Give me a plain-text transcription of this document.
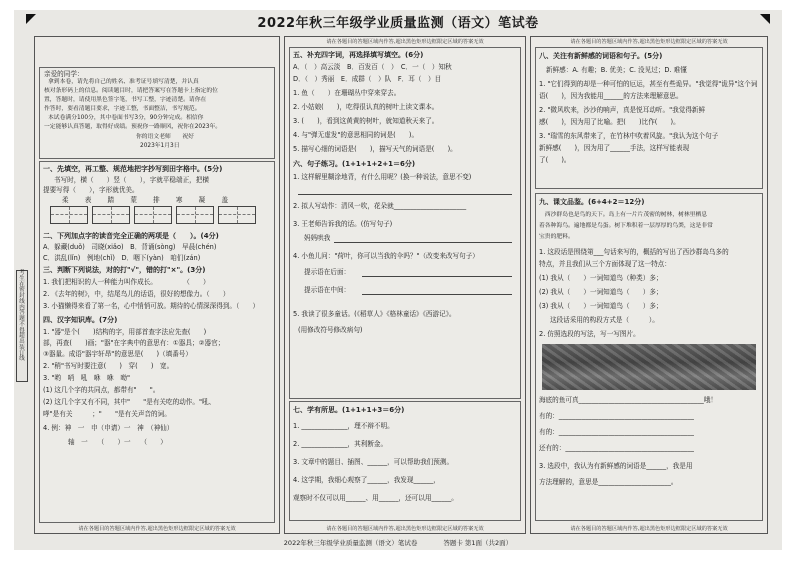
2022年秋三年级学业质量监测（语文）笔试卷
考生在密封线内答题不得超出装订线
亲爱的同学：
拿到本卷，请先将自己的姓名、准考证号填写清楚，并认真
核对条形码上的信息。阅读题目时，请把答案写在答题卡上指定的位
置，答题时，请使用黑色签字笔，书写工整，字迹清楚。请你在
作答时，要看清题目要求，字迹工整，书面整洁，书写规范。
本试卷满分100分，其中卷面书写3分，90分钟完成。相信你
一定能够认真答题，取得好成绩。预祝你一路顺风，祝你在2023年。
你的语文老师　　祝好
2023年1月3日
一、先填空，再工整、规范地把字抄写到田字格中。(5分)
书写时，横（　　）竖（　　），字就平稳端正，把横
提要写得（　　），字形就优美。
柔　　表　　踏　　蒙　　排　　寒　　凝　　盖
二、下列加点字的读音完全正确的两项是（　　）。(4分)
A．躲藏(duǒ)　司晓(xiǎo)　B．背诵(sòng)　早晨(chén)
C．洪乱(lǐn)　例地(chǐ)　D．咽下(yàn)　咱们(zán)
三、判断下列说法，对的打"√"，错的打"×"。(3分)
1. 我们把相识的人一种能力叫作成长。　　　　　（　　）
2. 《去年的树》，中，结尾鸟儿的话语，很好的想像力。（　　）
3. 小猫懒得来看了第一名，心中悄悄可放。期待的心情深深得到。（　　）
四、汉字知识库。(7分)
1. "器"是个(　　)结构的字，用部首查字法应先查(　　)
部，再查(　　)画；"器"在字典中的意思有：①器具；②器官；
③器量。成语"器宇轩昂"的意思是(　　)（填番号）
2. "稍"书写时要注意(　　)　穿(　　)　宽。
3. "哟　哨　吼　咻　咻　呦"
(1) 这几个字的共同点，都带有"　　"。
(2) 这几个字又有不同，其中"　　"是有关吃的动作。"吼、
哮"是有关　　　；"　　"是有关声音的词。
4. 例：神　一　申（申请）一　神　（神仙）
轴　一　　（　　）一　　（　　）
请在各题目的答题区域内作答,超出黑色矩形边框限定区域的答案无效
请在各题目的答题区域内作答,超出黑色矩形边框限定区域的答案无效
五、补充四字词，再选择填写填空。(6分)
A．（　）高云淡　B．百发百（　）　C．一（　）知秋
D．（　）秀丽　E．成群（　）队　F．耳（　）目
1. 鱼（　　）在珊瑚丛中穿来穿去。
2. 小姑娘(　　)，吃得很认真的树叶上读文课本。
3. (　　)，看到这黄黄的树叶，就知道秋天来了。
4. 与"弹无虚发"的意思相同的词是(　　)。
5. 描写心细的词语是(　　)，描写天气的词语是(　　)。
六、句子练习。(1+1+1+2+1＝6分)
1. 这样解里糊涂地背，有什么用呢？(换一种说法，意思不变)
2. 拟人写动作：清风一吹，花朵就______________________
3. 王老师告诉我的话。(仿写句子)
妈妈哄我
4. 小鱼儿问："荷叶，你可以当我的伞吗？"（改变来改写句子）
提示语在后面：
提示语在中间：
5. 我读了很多童话。(《稻草人》《格林童话》《西游记》。
(用修改符号修改病句)
七、学有所思。(1+1+1+3＝6分)
1. ______________，理不辩不明。
2. ______________，其利断金。
3. 文章中的题目、插图、______，可以帮助我们预测。
4. 这学期，我细心观察了______，我发现______，
观察时不仅可以用______、用______，还可以用______。
请在各题目的答题区域内作答,超出黑色矩形边框限定区域的答案无效
请在各题目的答题区域内作答,超出黑色矩形边框限定区域的答案无效
八、关注有新鲜感的词语和句子。(5分)
新鲜感：A. 有趣；B. 优美；C. 没见过；D. 难懂
1. "它们得到的却是一种可怕的厄运，甚至有些诡异。"我觉得"诡异"这个词
语(　　)，因为我能用______的方法来理解意思。
2. "微风吹来，沙沙的响声，真是悦耳动听。"我觉得新鲜
感(　　)，因为用了比喻。把(　　)比作(　　)。
3. "瑞雪的东风带来了，在竹林中吹着风旋。"我认为这个句子
新鲜感(　　)，因为用了______手法，这样写能表现
了(　　)。
九、课文品鉴。(6+4+2＝12分)
　西沙群岛也是鸟的天下。岛上有一片片茂密的树林，树林里栖息
着各种海鸟。遍地都是鸟蛋。树下堆积着一层厚厚的鸟粪，这是非常
宝贵的肥料。
1. 这段话是围绕第___句话来写的，概括的写出了西沙群岛乌多的
特点，并且我们从三个方面体现了这一特点：
(1) 我从（　　）一词知道鸟（种类）多；
(2) 我从（　　）一词知道鸟（　　）多；
(3) 我从（　　）一词知道鸟（　　）多；
这段话采用的构段方式是（　　　）。
2. 仿照选段的写法，写一写图片。
海底的鱼可真______________________________________哦！
有的：_________________________________________
有的：_________________________________________
还有的：_______________________________________
3. 选段中，我认为有新鲜感的词语是______，我是用
方法理解的，意思是______________________。
请在各题目的答题区域内作答,超出黑色矩形边框限定区域的答案无效
2022年秋三年级学业质量监测（语文）笔试卷　　　　答题卡 第1面（共2面）
